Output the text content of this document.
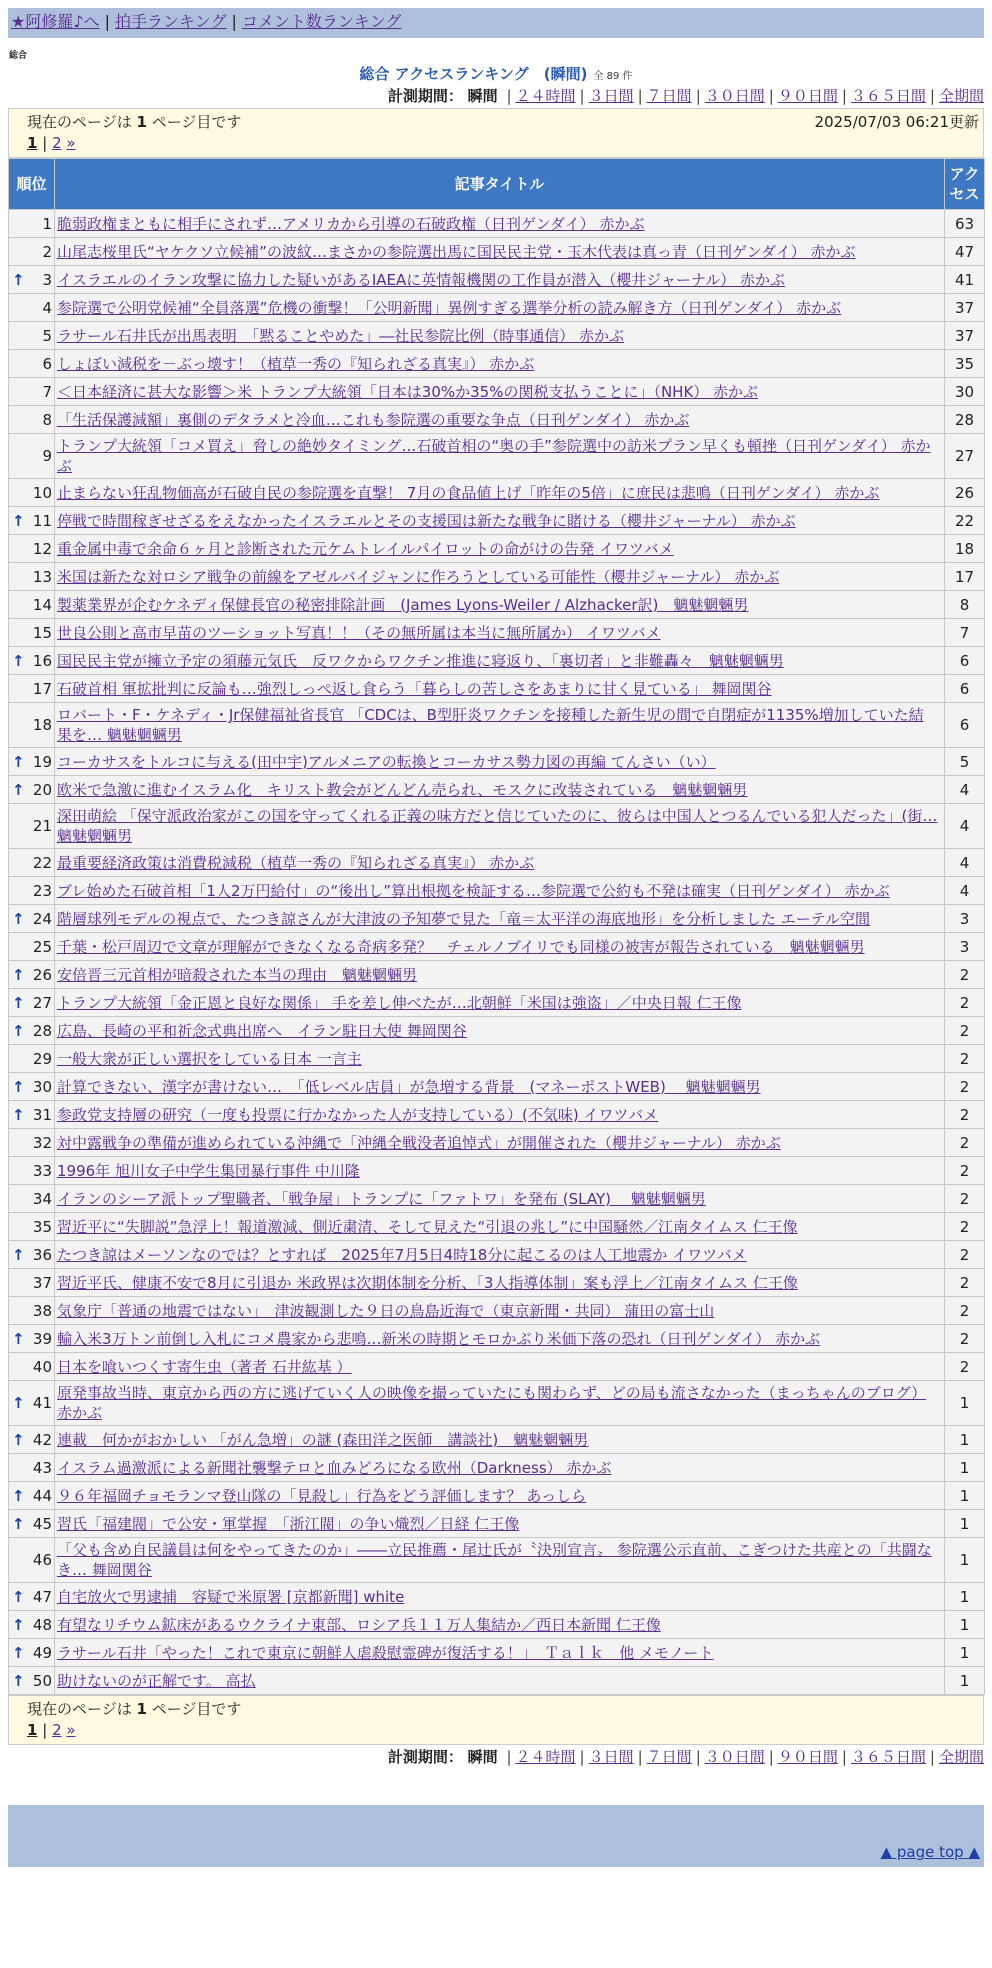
★阿修羅♪へ | 拍手ランキング | コメント数ランキング
総合
総合 アクセスランキング　(瞬間) 全 89 件
計測期間： 瞬間 | ２４時間 | ３日間 | ７日間 | ３０日間 | ９０日間 | ３６５日間 | 全期間
現在のページは 1 ページ目です	2025/07/03 06:21更新
1 | 2 »
順位	記事タイトル	アクセス
1	脆弱政権まともに相手にされず…アメリカから引導の石破政権（日刊ゲンダイ） 赤かぶ	63
2	山尾志桜里氏“ヤケクソ立候補”の波紋…まさかの参院選出馬に国民民主党・玉木代表は真っ青（日刊ゲンダイ） 赤かぶ	47

↑ 3	イスラエルのイラン攻撃に協力した疑いがあるIAEAに英情報機関の工作員が潜入（櫻井ジャーナル） 赤かぶ	41
4	参院選で公明党候補“全員落選”危機の衝撃！「公明新聞」異例すぎる選挙分析の読み解き方（日刊ゲンダイ） 赤かぶ	37
5	ラサール石井氏が出馬表明　「黙ることやめた」―社民参院比例（時事通信） 赤かぶ	37
6	しょぼい減税を－ぶっ壊す！（植草一秀の『知られざる真実』） 赤かぶ	35
7	＜日本経済に甚大な影響＞米 トランプ大統領「日本は30%か35%の関税支払うことに」（NHK） 赤かぶ	30
8	「生活保護減額」裏側のデタラメと冷血…これも参院選の重要な争点（日刊ゲンダイ） 赤かぶ	28
9	トランプ大統領「コメ買え」脅しの絶妙タイミング…石破首相の“奥の手”参院選中の訪米プラン早くも頓挫（日刊ゲンダイ） 赤かぶ	27
10	止まらない狂乱物価高が石破自民の参院選を直撃！ 7月の食品値上げ「昨年の5倍」に庶民は悲鳴（日刊ゲンダイ） 赤かぶ	26

↑ 11	停戦で時間稼ぎせざるをえなかったイスラエルとその支援国は新たな戦争に賭ける（櫻井ジャーナル） 赤かぶ	22
12	重金属中毒で余命６ヶ月と診断された元ケムトレイルパイロットの命がけの告発 イワツバメ	18
13	米国は新たな対ロシア戦争の前線をアゼルバイジャンに作ろうとしている可能性（櫻井ジャーナル） 赤かぶ	17
14	製薬業界が企むケネディ保健長官の秘密排除計画　(James Lyons-Weiler / Alzhacker訳)　魑魅魍魎男	8
15	世良公則と高市早苗のツーショット写真！！（その無所属は本当に無所属か） イワツバメ	7

↑ 16	国民民主党が擁立予定の須藤元気氏　反ワクからワクチン推進に寝返り、「裏切者」と非難轟々　魑魅魍魎男	6
17	石破首相 軍拡批判に反論も…強烈しっぺ返し食らう「暮らしの苦しさをあまりに甘く見ている」 舞岡関谷	6
18	ロバート・F・ケネディ・Jr保健福祉省長官 「CDCは、B型肝炎ワクチンを接種した新生児の間で自閉症が1135%増加していた結果を… 魑魅魍魎男	6

↑ 19	コーカサスをトルコに与える(田中宇)アルメニアの転換とコーカサス勢力図の再編 てんさい（い）	5

↑ 20	欧米で急激に進むイスラム化　キリスト教会がどんどん売られ、モスクに改装されている　魑魅魍魎男	4
21	深田萌絵 「保守派政治家がこの国を守ってくれる正義の味方だと信じていたのに、彼らは中国人とつるんでいる犯人だった」(街… 魑魅魍魎男	4
22	最重要経済政策は消費税減税（植草一秀の『知られざる真実』） 赤かぶ	4
23	ブレ始めた石破首相「1人2万円給付」の“後出し”算出根拠を検証する…参院選で公約も不発は確実（日刊ゲンダイ） 赤かぶ	4

↑ 24	階層球列モデルの視点で、たつき諒さんが大津波の予知夢で見た「竜＝太平洋の海底地形」を分析しました エーテル空間	3
25	千葉・松戸周辺で文章が理解ができなくなる奇病多発？　チェルノブイリでも同様の被害が報告されている　魑魅魍魎男	3

↑ 26	安倍晋三元首相が暗殺された本当の理由　魑魅魍魎男	2

↑ 27	トランプ大統領「金正恩と良好な関係」 手を差し伸べたが…北朝鮮「米国は強盗」／中央日報 仁王像	2

↑ 28	広島、長崎の平和祈念式典出席へ　イラン駐日大使 舞岡関谷	2
29	一般大衆が正しい選択をしている日本 一言主	2

↑ 30	計算できない、漢字が書けない…　「低レベル店員」が急増する背景　(マネーポストWEB)　 魑魅魍魎男	2

↑ 31	参政党支持層の研究（一度も投票に行かなかった人が支持している）(不気味) イワツバメ	2
32	対中露戦争の準備が進められている沖縄で「沖縄全戦没者追悼式」が開催された（櫻井ジャーナル） 赤かぶ	2
33	1996年 旭川女子中学生集団暴行事件 中川隆	2
34	イランのシーア派トップ聖職者、「戦争屋」トランプに「ファトワ」を発布 (SLAY)　 魑魅魍魎男	2
35	習近平に“失脚説”急浮上！報道激減、側近粛清、そして見えた“引退の兆し”に中国騒然／江南タイムス 仁王像	2

↑ 36	たつき諒はメーソンなのでは？とすれば　2025年7月5日4時18分に起こるのは人工地震か イワツバメ	2
37	習近平氏、健康不安で8月に引退か 米政界は次期体制を分析、「3人指導体制」案も浮上／江南タイムス 仁王像	2
38	気象庁「普通の地震ではない」　津波観測した９日の鳥島近海で（東京新聞・共同） 蒲田の富士山	2

↑ 39	輸入米3万トン前倒し入札にコメ農家から悲鳴…新米の時期とモロかぶり米価下落の恐れ（日刊ゲンダイ） 赤かぶ	2
40	日本を喰いつくす寄生虫（著者 石井紘基 ）	2

↑ 41	原発事故当時、東京から西の方に逃げていく人の映像を撮っていたにも関わらず、どの局も流さなかった（まっちゃんのブログ） 赤かぶ	1

↑ 42	連載　何かがおかしい 「がん急増」の謎 (森田洋之医師　講談社)　魑魅魍魎男	1
43	イスラム過激派による新聞社襲撃テロと血みどろになる欧州（Darkness） 赤かぶ	1

↑ 44	９６年福岡チョモランマ登山隊の「見殺し」行為をどう評価します？ あっしら	1

↑ 45	習氏「福建閥」で公安・軍掌握　「浙江閥」の争い熾烈／日経 仁王像	1
46	「父も含め自民議員は何をやってきたのか」――立民推薦・尾辻氏が〝決別宣言〟 参院選公示直前、こぎつけた共産との「共闘なき… 舞岡関谷	1

↑ 47	自宅放火で男逮捕　容疑で米原署 [京都新聞] white	1

↑ 48	有望なリチウム鉱床があるウクライナ東部、ロシア兵１１万人集結か／西日本新聞 仁王像	1

↑ 49	ラサール石井「やった！これで東京に朝鮮人虐殺慰霊碑が復活する！」　Ｔａｌｋ　他 メモノート	1

↑ 50	助けないのが正解です。 高払	1
現在のページは 1 ページ目です
1 | 2 »
計測期間： 瞬間 | ２４時間 | ３日間 | ７日間 | ３０日間 | ９０日間 | ３６５日間 | 全期間
▲ page top ▲
